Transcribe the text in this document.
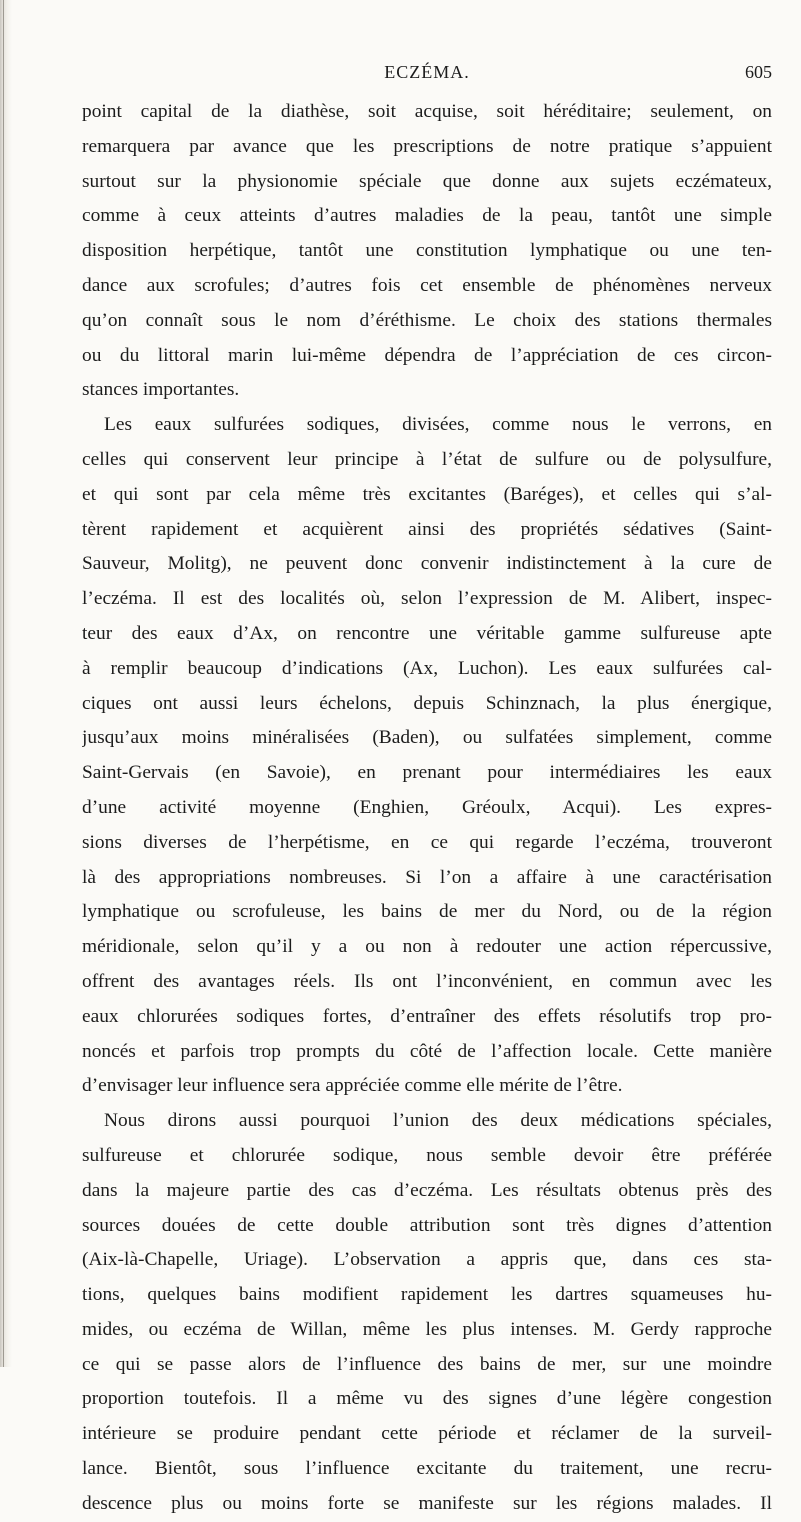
ECZÉMA.	605
point capital de la diathèse, soit acquise, soit héréditaire; seulement, on
remarquera par avance que les prescriptions de notre pratique s’appuient
surtout sur la physionomie spéciale que donne aux sujets eczémateux,
comme à ceux atteints d’autres maladies de la peau, tantôt une simple
disposition herpétique, tantôt une constitution lymphatique ou une ten-
dance aux scrofules; d’autres fois cet ensemble de phénomènes nerveux
qu’on connaît sous le nom d’éréthisme. Le choix des stations thermales
ou du littoral marin lui-même dépendra de l’appréciation de ces circon-
stances importantes.
Les eaux sulfurées sodiques, divisées, comme nous le verrons, en
celles qui conservent leur principe à l’état de sulfure ou de polysulfure,
et qui sont par cela même très excitantes (Baréges), et celles qui s’al-
tèrent rapidement et acquièrent ainsi des propriétés sédatives (Saint-
Sauveur, Molitg), ne peuvent donc convenir indistinctement à la cure de
l’eczéma. Il est des localités où, selon l’expression de M. Alibert, inspec-
teur des eaux d’Ax, on rencontre une véritable gamme sulfureuse apte
à remplir beaucoup d’indications (Ax, Luchon). Les eaux sulfurées cal-
ciques ont aussi leurs échelons, depuis Schinznach, la plus énergique,
jusqu’aux moins minéralisées (Baden), ou sulfatées simplement, comme
Saint-Gervais (en Savoie), en prenant pour intermédiaires les eaux
d’une activité moyenne (Enghien, Gréoulx, Acqui). Les expres-
sions diverses de l’herpétisme, en ce qui regarde l’eczéma, trouveront
là des appropriations nombreuses. Si l’on a affaire à une caractérisation
lymphatique ou scrofuleuse, les bains de mer du Nord, ou de la région
méridionale, selon qu’il y a ou non à redouter une action répercussive,
offrent des avantages réels. Ils ont l’inconvénient, en commun avec les
eaux chlorurées sodiques fortes, d’entraîner des effets résolutifs trop pro-
noncés et parfois trop prompts du côté de l’affection locale. Cette manière
d’envisager leur influence sera appréciée comme elle mérite de l’être.
Nous dirons aussi pourquoi l’union des deux médications spéciales,
sulfureuse et chlorurée sodique, nous semble devoir être préférée
dans la majeure partie des cas d’eczéma. Les résultats obtenus près des
sources douées de cette double attribution sont très dignes d’attention
(Aix-là-Chapelle, Uriage). L’observation a appris que, dans ces sta-
tions, quelques bains modifient rapidement les dartres squameuses hu-
mides, ou eczéma de Willan, même les plus intenses. M. Gerdy rapproche
ce qui se passe alors de l’influence des bains de mer, sur une moindre
proportion toutefois. Il a même vu des signes d’une légère congestion
intérieure se produire pendant cette période et réclamer de la surveil-
lance. Bientôt, sous l’influence excitante du traitement, une recru-
descence plus ou moins forte se manifeste sur les régions malades. Il
